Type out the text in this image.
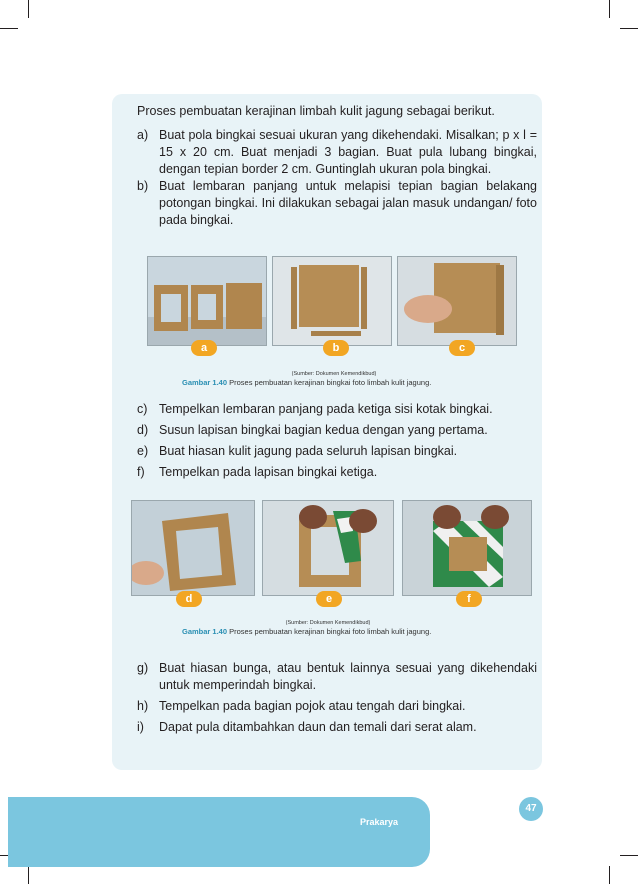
Proses pembuatan kerajinan limbah kulit jagung sebagai berikut.

a) Buat pola bingkai sesuai ukuran yang dikehendaki. Misalkan; p x l = 15 x 20 cm. Buat menjadi 3 bagian. Buat pula lubang bingkai, dengan tepian border 2 cm. Guntinglah ukuran pola bingkai.
b) Buat lembaran panjang untuk melapisi tepian bagian belakang potongan bingkai. Ini dilakukan sebagai jalan masuk undangan/ foto pada bingkai.
a	b	c
(Sumber: Dokumen Kemendikbud)

Gambar 1.40 Proses pembuatan kerajinan bingkai foto limbah kulit jagung.

c) Tempelkan lembaran panjang pada ketiga sisi kotak bingkai.
d) Susun lapisan bingkai bagian kedua dengan yang pertama.
e) Buat hiasan kulit jagung pada seluruh lapisan bingkai.
f)	Tempelkan pada lapisan bingkai ketiga.
d	e	f
(Sumber: Dokumen Kemendikbud)

Gambar 1.40 Proses pembuatan kerajinan bingkai foto limbah kulit jagung.

g) Buat hiasan bunga, atau bentuk lainnya sesuai yang dikehendaki untuk memperindah bingkai.
h) Tempelkan pada bagian pojok atau tengah dari bingkai.
i)	Dapat pula ditambahkan daun dan temali dari serat alam.
Prakarya
47
